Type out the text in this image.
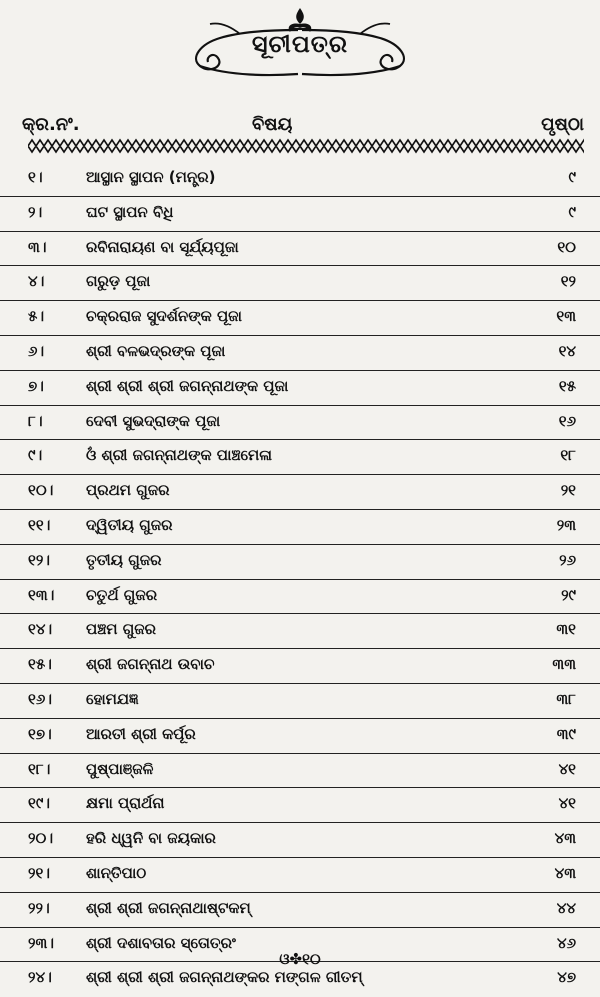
ସୂଚୀପତ୍ର
କ୍ର.ନଂ.	ବିଷୟ	ପୃଷ୍ଠା
୧।	ଆସ୍ଥାନ ସ୍ଥାପନ (ମନ୍ତ୍ର)	୯
୨।	ଘଟ ସ୍ଥାପନ ବିଧି	୯
୩।	ରବିନାରାୟଣ ବା ସୂର୍ଯ୍ୟପୂଜା	୧୦
୪।	ଗରୁଡ଼ ପୂଜା	୧୨
୫।	ଚକ୍ରରାଜ ସୁଦର୍ଶନଙ୍କ ପୂଜା	୧୩
୬।	ଶ୍ରୀ ବଳଭଦ୍ରଙ୍କ ପୂଜା	୧୪
୭।	ଶ୍ରୀ ଶ୍ରୀ ଶ୍ରୀ ଜଗନ୍ନାଥଙ୍କ ପୂଜା	୧୫
୮।	ଦେବୀ ସୁଭଦ୍ରାଙ୍କ ପୂଜା	୧୬
୯।	ଓଁ ଶ୍ରୀ ଜଗନ୍ନାଥଙ୍କ ପାଞ୍ଚମେଳା	୧୮
୧୦। ପ୍ରଥମ ଗୁଜର	୨୧
୧୧। ଦ୍ୱିତୀୟ ଗୁଜର	୨୩
୧୨। ତୃତୀୟ ଗୁଜର	୨୬
୧୩। ଚତୁର୍ଥ ଗୁଜର	୨୯
୧୪। ପଞ୍ଚମ ଗୁଜର	୩୧
୧୫। ଶ୍ରୀ ଜଗନ୍ନାଥ ଉବାଚ	୩୩
୧୬। ହୋମଯଜ୍ଞ	୩୮
୧୭। ଆରତୀ ଶ୍ରୀ କର୍ପୂର	୩୯
୧୮। ପୁଷ୍ପାଞ୍ଜଳି	୪୧
୧୯। କ୍ଷମା ପ୍ରାର୍ଥନା	୪୧
୨୦। ହରି ଧ୍ୱନି ବା ଜୟକାର	୪୩
୨୧। ଶାନ୍ତିପାଠ	୪୩
୨୨। ଶ୍ରୀ ଶ୍ରୀ ଜଗନ୍ନାଥାଷ୍ଟକମ୍	୪୪
୨୩। ଶ୍ରୀ ଦଶାବତାର ସ୍ତୋତ୍ରଂ	୪୬
୨୪। ଶ୍ରୀ ଶ୍ରୀ ଶ୍ରୀ ଜଗନ୍ନାଥଙ୍କର ମଙ୍ଗଳ ଗୀତମ୍	୪୭
ଓ✤୧୦
